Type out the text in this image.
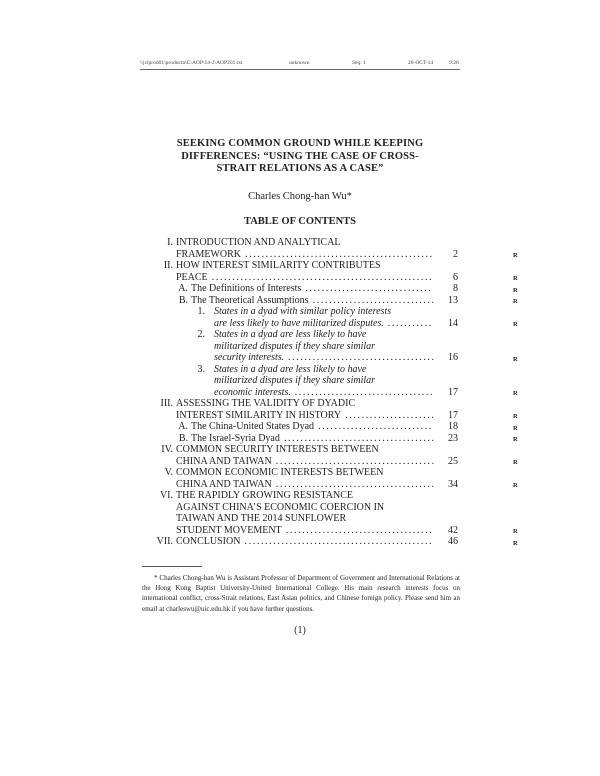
\\jciprod01\productn\C\AOP\14-2\AOP201.txt	unknown	Seq: 1	20-OCT-14	9:26
SEEKING COMMON GROUND WHILE KEEPING
DIFFERENCES: “USING THE CASE OF CROSS-
STRAIT RELATIONS AS A CASE”
Charles Chong-han Wu*
TABLE OF CONTENTS
I. INTRODUCTION AND ANALYTICAL
FRAMEWORK ..............................................	2	R
II. HOW INTEREST SIMILARITY CONTRIBUTES
PEACE ......................................................	6	R
A. The Definitions of Interests ...............................	8	R
B. The Theoretical Assumptions ..............................	13	R
1. States in a dyad with similar policy interests
are less likely to have militarized disputes. ...........	14	R
2. States in a dyad are less likely to have
militarized disputes if they share similar
security interests. ....................................	16	R
3. States in a dyad are less likely to have
militarized disputes if they share similar
economic interests. ..................................	17	R
III. ASSESSING THE VALIDITY OF DYADIC
INTEREST SIMILARITY IN HISTORY ......................	17	R
A. The China-United States Dyad ............................	18	R
B. The Israel-Syria Dyad .....................................	23	R
IV. COMMON SECURITY INTERESTS BETWEEN
CHINA AND TAIWAN .......................................	25	R
V. COMMON ECONOMIC INTERESTS BETWEEN
CHINA AND TAIWAN .......................................	34	R
VI. THE RAPIDLY GROWING RESISTANCE
AGAINST CHINA’S ECONOMIC COERCION IN
TAIWAN AND THE 2014 SUNFLOWER
STUDENT MOVEMENT ....................................	42	R
VII. CONCLUSION ..............................................	46	R
* Charles Chong-han Wu is Assistant Professor of Department of Government and International Relations at the Hong Kong Baptist University-United International College. His main research interests focus on international conflict, cross-Strait relations, East Asian politics, and Chinese foreign policy. Please send him an email at charleswu@uic.edu.hk if you have further questions.
(1)
